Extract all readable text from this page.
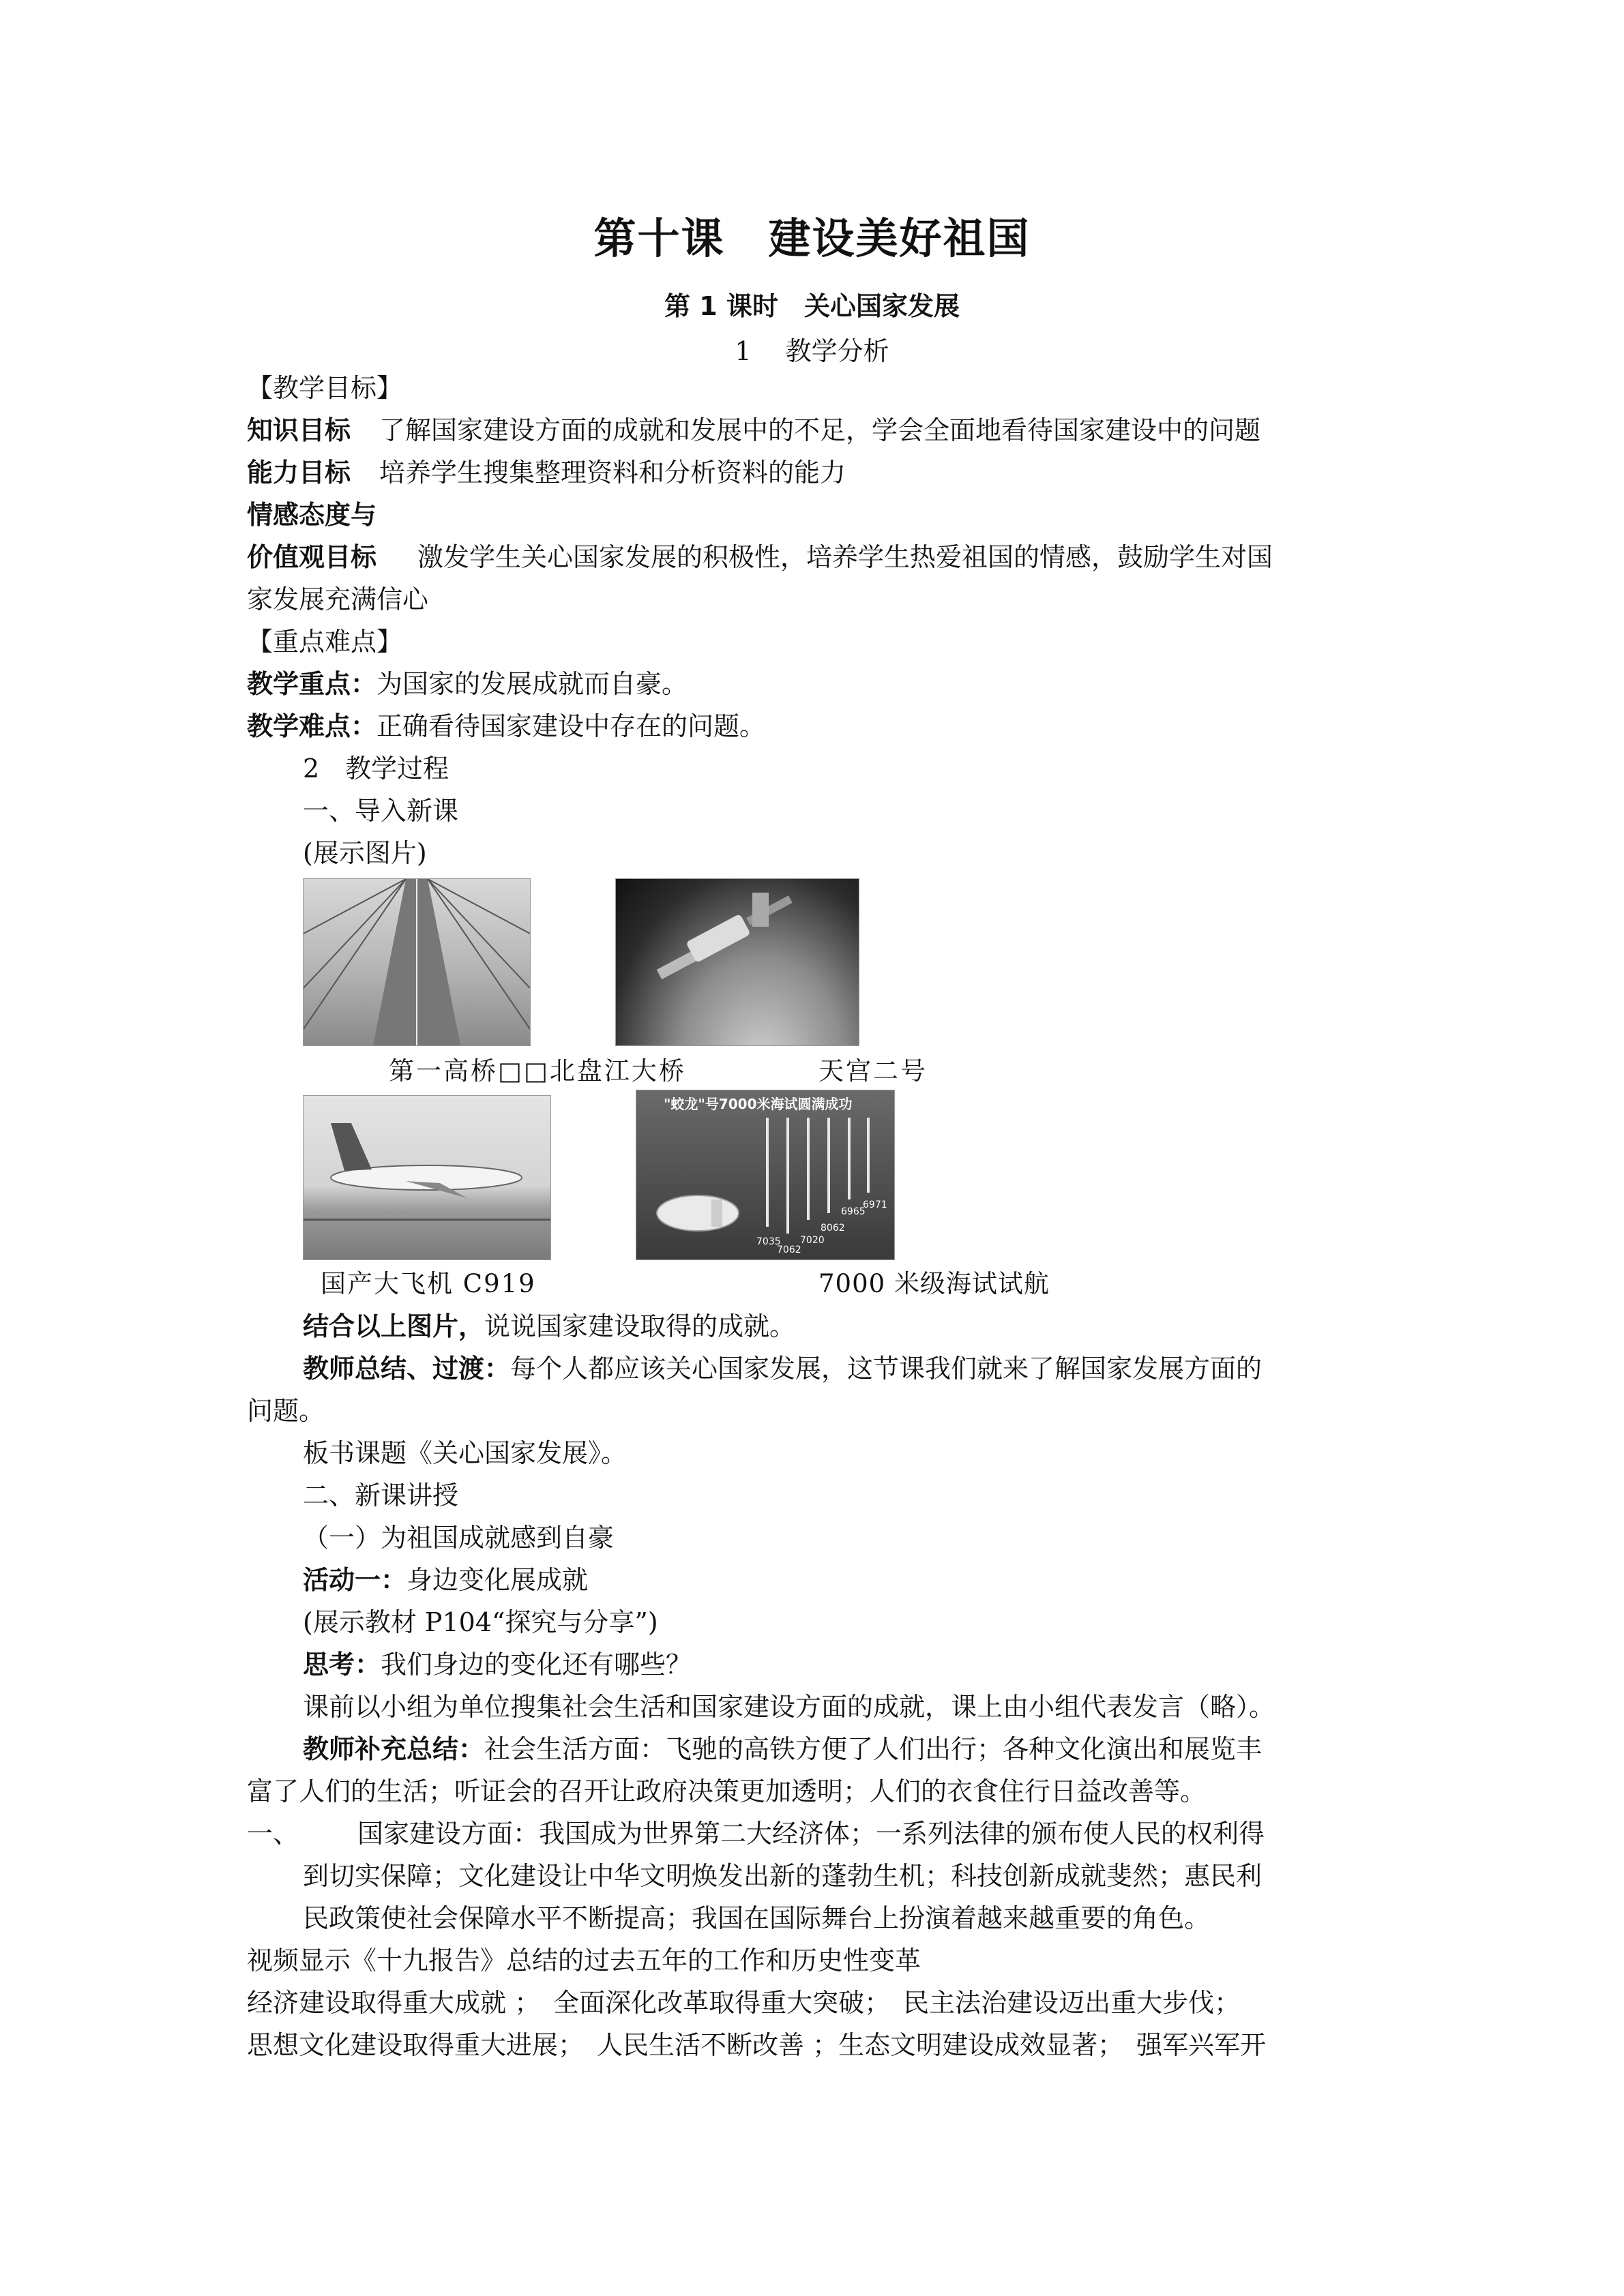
第十课　建设美好祖国
第 1 课时　关心国家发展
1　 教学分析
【教学目标】
知识目标 了解国家建设方面的成就和发展中的不足，学会全面地看待国家建设中的问题
能力目标 培养学生搜集整理资料和分析资料的能力
情感态度与
价值观目标 激发学生关心国家发展的积极性，培养学生热爱祖国的情感，鼓励学生对国
家发展充满信心
【重点难点】
教学重点：为国家的发展成就而自豪。
教学难点：正确看待国家建设中存在的问题。
2　教学过程
一、导入新课
(展示图片)
第一高桥□□北盘江大桥	天宫二号
"蛟龙"号7000米海试圆满成功
7035
7062
7020
8062
6965
6971
国产大飞机 C919	7000 米级海试试航
结合以上图片，说说国家建设取得的成就。
教师总结、过渡：每个人都应该关心国家发展，这节课我们就来了解国家发展方面的
问题。
板书课题《关心国家发展》。
二、新课讲授
（一）为祖国成就感到自豪
活动一：身边变化展成就
(展示教材 P104“探究与分享”)
思考：我们身边的变化还有哪些？
课前以小组为单位搜集社会生活和国家建设方面的成就，课上由小组代表发言（略）。
教师补充总结：社会生活方面：飞驰的高铁方便了人们出行；各种文化演出和展览丰
富了人们的生活；听证会的召开让政府决策更加透明；人们的衣食住行日益改善等。
一、 国家建设方面：我国成为世界第二大经济体；一系列法律的颁布使人民的权利得
到切实保障；文化建设让中华文明焕发出新的蓬勃生机；科技创新成就斐然；惠民利
民政策使社会保障水平不断提高；我国在国际舞台上扮演着越来越重要的角色。
视频显示《十九报告》总结的过去五年的工作和历史性变革
经济建设取得重大成就 ；　全面深化改革取得重大突破；　民主法治建设迈出重大步伐；
思想文化建设取得重大进展；　人民生活不断改善 ；生态文明建设成效显著；　强军兴军开
